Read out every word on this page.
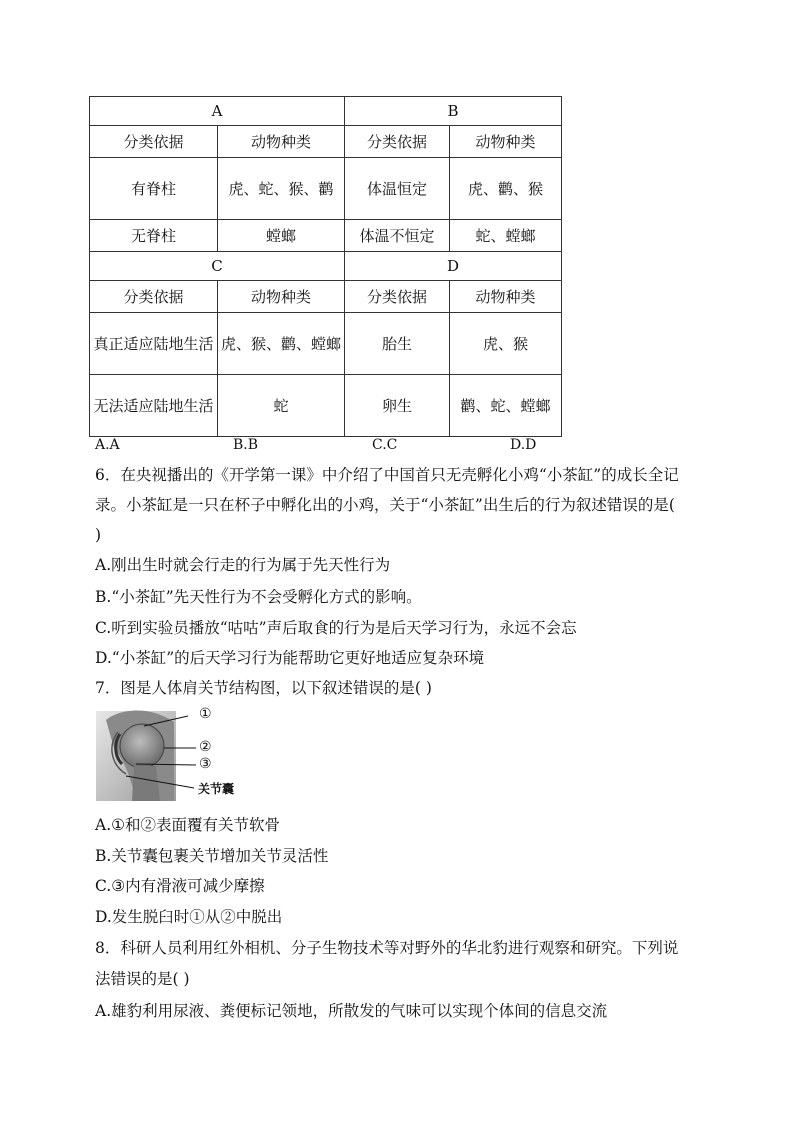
A		B	
分类依据	动物种类	分类依据	动物种类
有脊柱	虎、蛇、猴、鹳	体温恒定	虎、鹳、猴
无脊柱	螳螂	体温不恒定	蛇、螳螂
C		D	
分类依据	动物种类	分类依据	动物种类
真正适应陆地生活	虎、猴、鹳、螳螂	胎生	虎、猴
无法适应陆地生活	蛇	卵生	鹳、蛇、螳螂
A.A	B.B	C.C	D.D
6．在央视播出的《开学第一课》中介绍了中国首只无壳孵化小鸡“小茶缸”的成长全记
录。小茶缸是一只在杯子中孵化出的小鸡，关于“小茶缸”出生后的行为叙述错误的是(
)
A.刚出生时就会行走的行为属于先天性行为
B.“小茶缸”先天性行为不会受孵化方式的影响。
C.听到实验员播放“咕咕”声后取食的行为是后天学习行为，永远不会忘
D.“小茶缸”的后天学习行为能帮助它更好地适应复杂环境
7．图是人体肩关节结构图，以下叙述错误的是( )
①
②
③
关节囊
A.①和②表面覆有关节软骨
B.关节囊包裹关节增加关节灵活性
C.③内有滑液可减少摩擦
D.发生脱臼时①从②中脱出
8．科研人员利用红外相机、分子生物技术等对野外的华北豹进行观察和研究。下列说
法错误的是( )
A.雄豹利用尿液、粪便标记领地，所散发的气味可以实现个体间的信息交流
